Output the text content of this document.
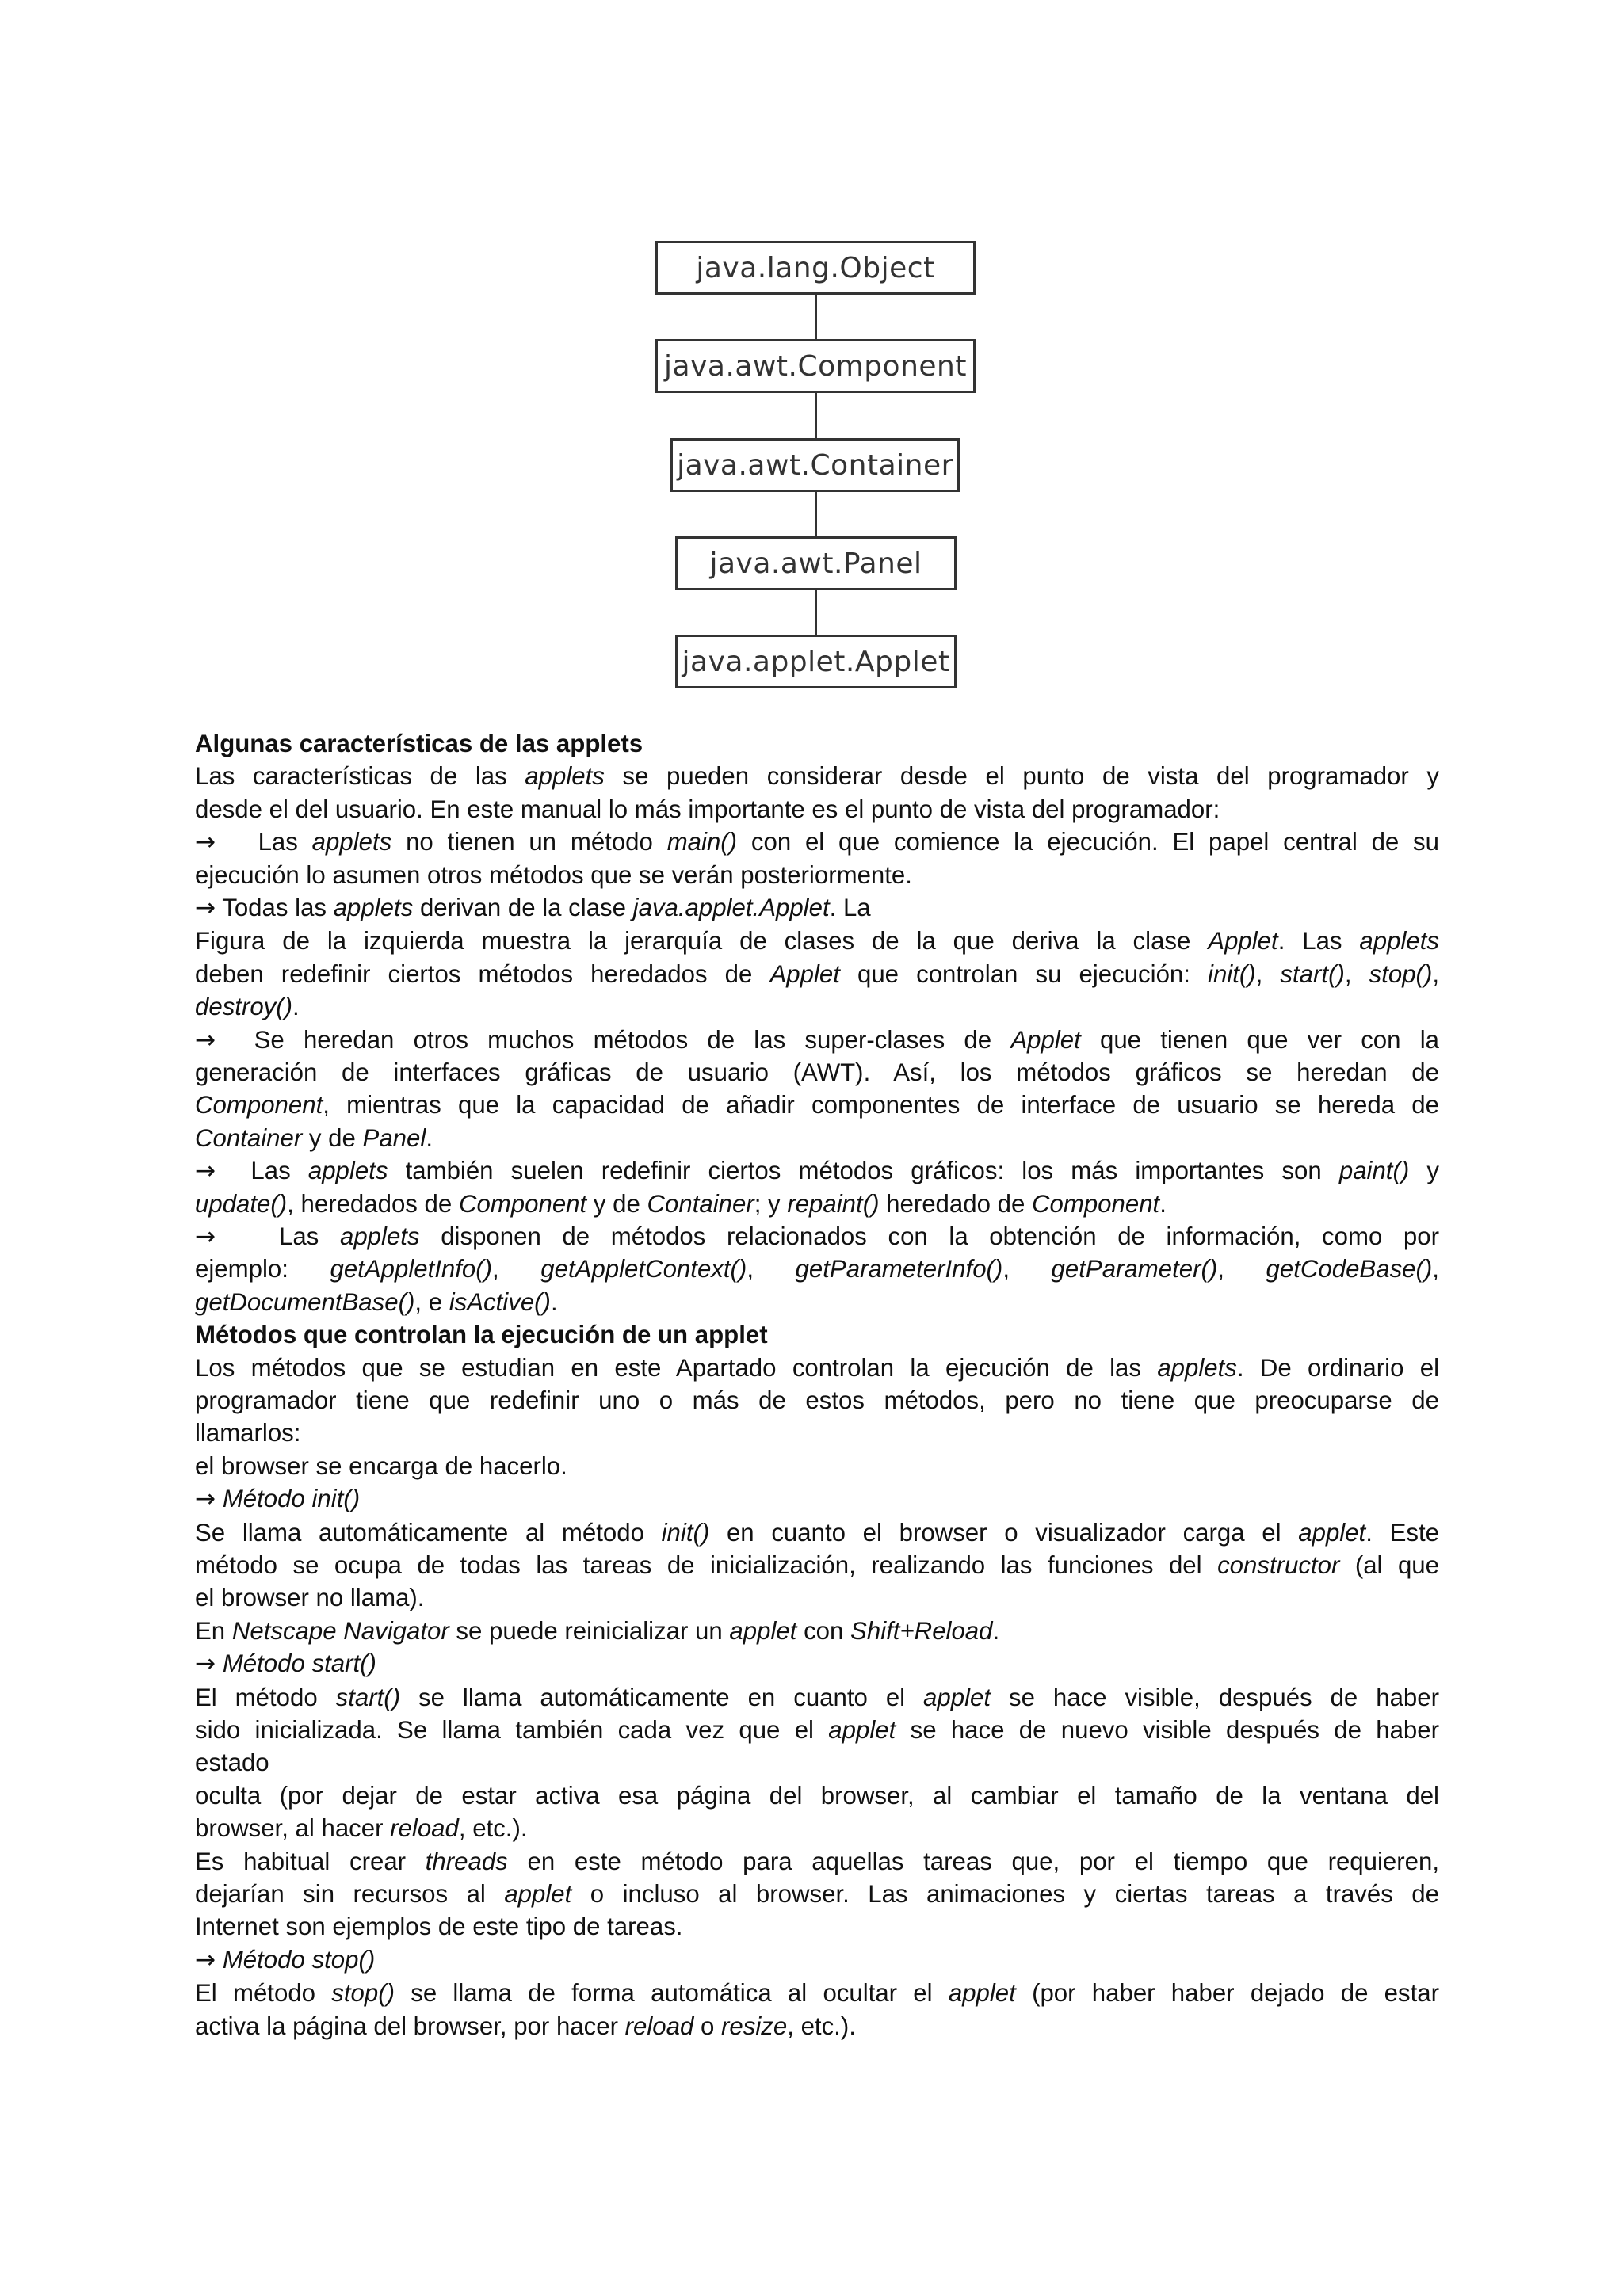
java.lang.Object
java.awt.Component
java.awt.Container
java.awt.Panel
java.applet.Applet
Algunas características de las applets
Las características de las applets se pueden considerar desde el punto de vista del programador y
desde el del usuario. En este manual lo más importante es el punto de vista del programador:
→ Las applets no tienen un método main() con el que comience la ejecución. El papel central de su
ejecución lo asumen otros métodos que se verán posteriormente.
→ Todas las applets derivan de la clase java.applet.Applet. La
Figura de la izquierda muestra la jerarquía de clases de la que deriva la clase Applet. Las applets
deben redefinir ciertos métodos heredados de Applet que controlan su ejecución: init(), start(), stop(),
destroy().
→ Se heredan otros muchos métodos de las super-clases de Applet que tienen que ver con la
generación de interfaces gráficas de usuario (AWT). Así, los métodos gráficos se heredan de
Component, mientras que la capacidad de añadir componentes de interface de usuario se hereda de
Container y de Panel.
→ Las applets también suelen redefinir ciertos métodos gráficos: los más importantes son paint() y
update(), heredados de Component y de Container; y repaint() heredado de Component.
→	Las applets disponen de métodos relacionados con la obtención de información, como por
ejemplo: getAppletInfo(), getAppletContext(), getParameterInfo(), getParameter(), getCodeBase(),
getDocumentBase(), e isActive().
Métodos que controlan la ejecución de un applet
Los métodos que se estudian en este Apartado controlan la ejecución de las applets. De ordinario el
programador tiene que redefinir uno o más de estos métodos, pero no tiene que preocuparse de
llamarlos:
el browser se encarga de hacerlo.
→ Método init()
Se llama automáticamente al método init() en cuanto el browser o visualizador carga el applet. Este
método se ocupa de todas las tareas de inicialización, realizando las funciones del constructor (al que
el browser no llama).
En Netscape Navigator se puede reinicializar un applet con Shift+Reload.
→ Método start()
El método start() se llama automáticamente en cuanto el applet se hace visible, después de haber
sido inicializada. Se llama también cada vez que el applet se hace de nuevo visible después de haber
estado
oculta (por dejar de estar activa esa página del browser, al cambiar el tamaño de la ventana del
browser, al hacer reload, etc.).
Es habitual crear threads en este método para aquellas tareas que, por el tiempo que requieren,
dejarían sin recursos al applet o incluso al browser. Las animaciones y ciertas tareas a través de
Internet son ejemplos de este tipo de tareas.
→ Método stop()
El método stop() se llama de forma automática al ocultar el applet (por haber haber dejado de estar
activa la página del browser, por hacer reload o resize, etc.).
